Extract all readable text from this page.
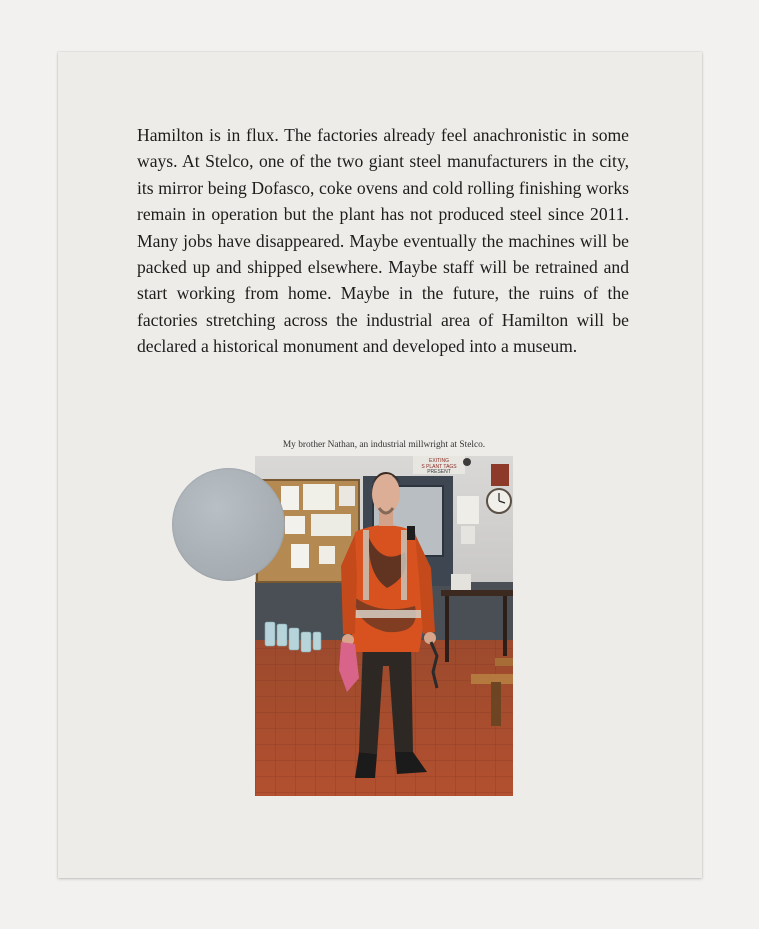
Hamilton is in flux. The factories already feel anachronistic in some ways. At Stelco, one of the two giant steel manufacturers in the city, its mirror being Dofasco, coke ovens and cold rolling finishing works remain in operation but the plant has not produced steel since 2011. Many jobs have disappeared. Maybe eventually the machines will be packed up and shipped elsewhere. Maybe staff will be retrained and start working from home. Maybe in the future, the ruins of the factories stretching across the industrial area of Hamilton will be declared a historical monument and developed into a museum.

My brother Nathan, an industrial millwright at Stelco.

EXITING
S PLANT TAGS
PRESENT
